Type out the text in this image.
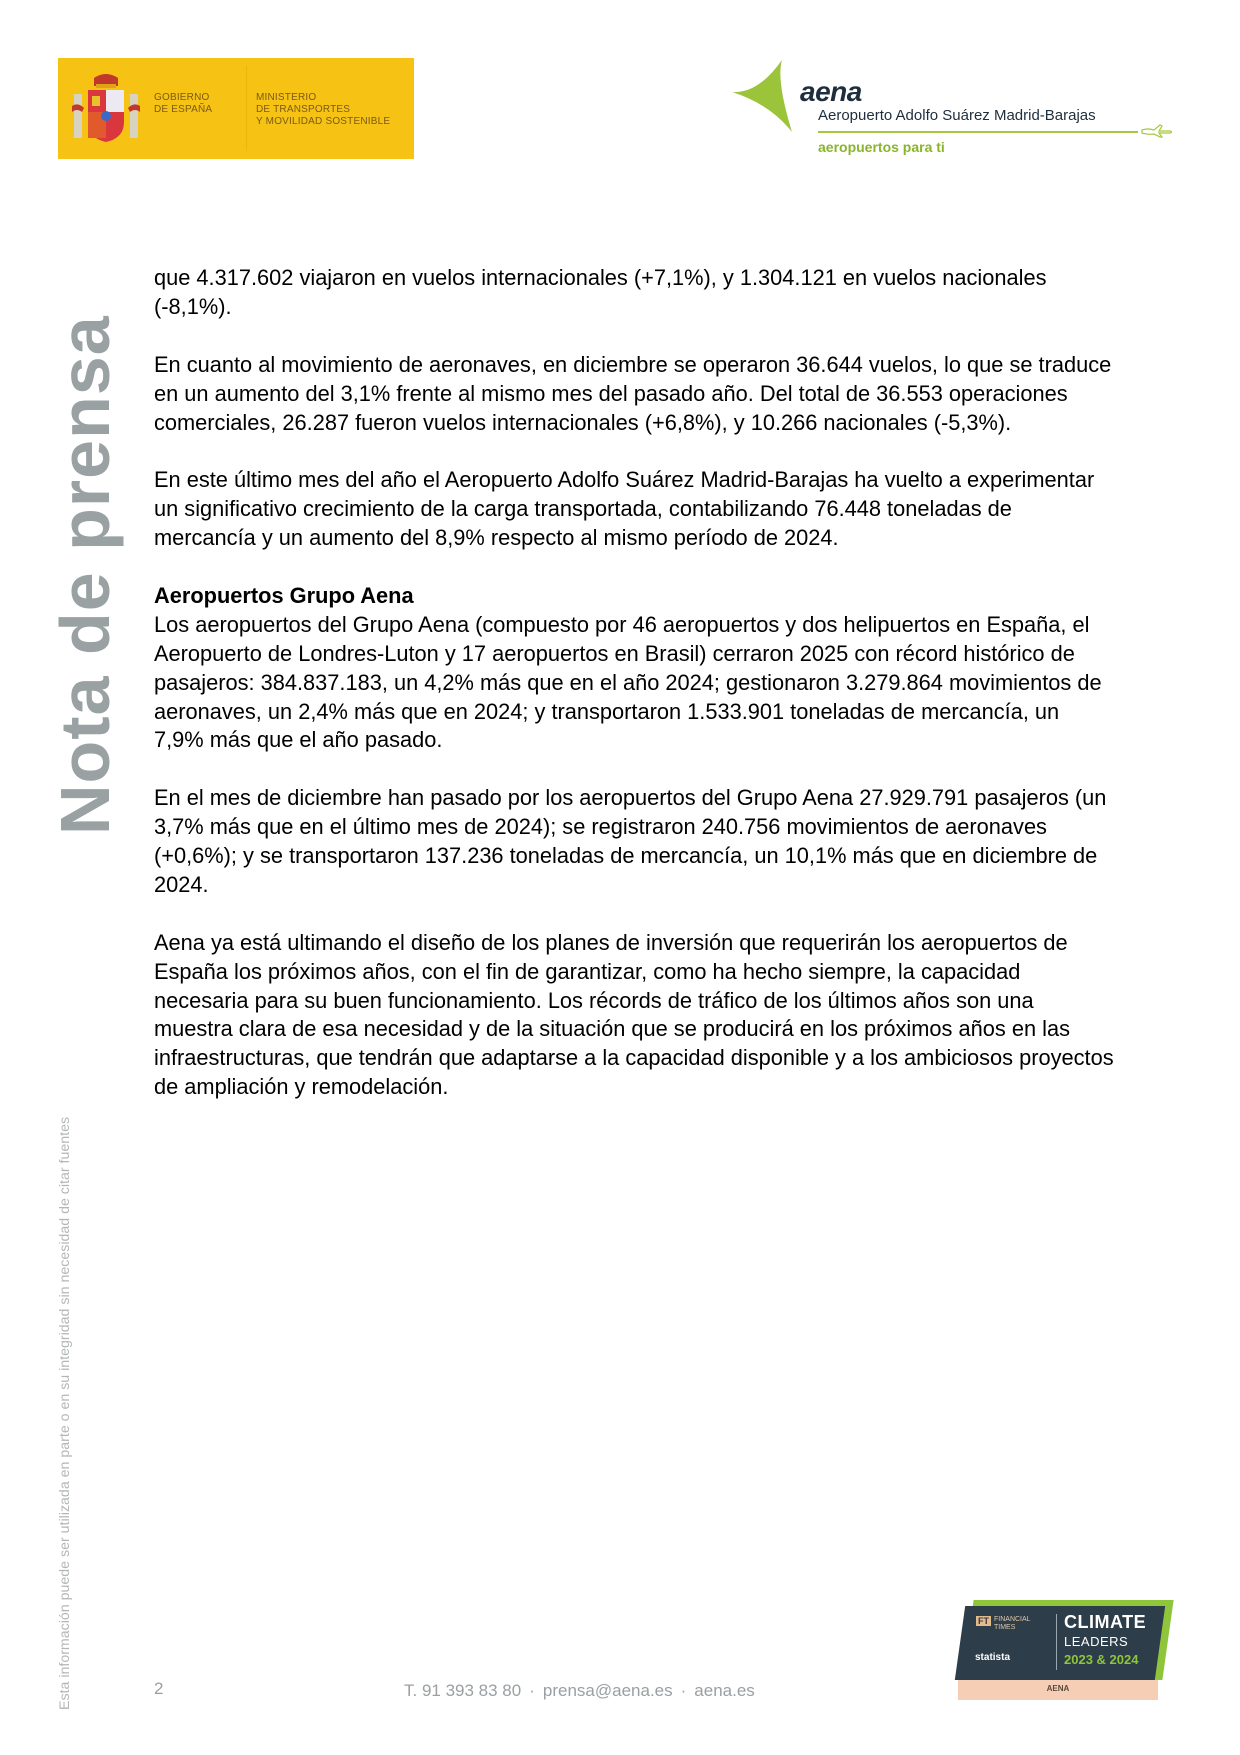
GOBIERNO
DE ESPAÑA
MINISTERIO
DE TRANSPORTES
Y MOVILIDAD SOSTENIBLE
aena
Aeropuerto Adolfo Suárez Madrid-Barajas
aeropuertos para ti
Nota de prensa
Esta información puede ser utilizada en parte o en su integridad sin necesidad de citar fuentes

que 4.317.602 viajaron en vuelos internacionales (+7,1%), y 1.304.121 en vuelos nacionales (-8,1%).

En cuanto al movimiento de aeronaves, en diciembre se operaron 36.644 vuelos, lo que se traduce en un aumento del 3,1% frente al mismo mes del pasado año. Del total de 36.553 operaciones comerciales, 26.287 fueron vuelos internacionales (+6,8%), y 10.266 nacionales (-5,3%).

En este último mes del año el Aeropuerto Adolfo Suárez Madrid-Barajas ha vuelto a experimentar un significativo crecimiento de la carga transportada, contabilizando 76.448 toneladas de mercancía y un aumento del 8,9% respecto al mismo período de 2024.

Aeropuertos Grupo Aena

Los aeropuertos del Grupo Aena (compuesto por 46 aeropuertos y dos helipuertos en España, el Aeropuerto de Londres-Luton y 17 aeropuertos en Brasil) cerraron 2025 con récord histórico de pasajeros: 384.837.183, un 4,2% más que en el año 2024; gestionaron 3.279.864 movimientos de aeronaves, un 2,4% más que en 2024; y transportaron 1.533.901 toneladas de mercancía, un 7,9% más que el año pasado.

En el mes de diciembre han pasado por los aeropuertos del Grupo Aena 27.929.791 pasajeros (un 3,7% más que en el último mes de 2024); se registraron 240.756 movimientos de aeronaves (+0,6%); y se transportaron 137.236 toneladas de mercancía, un 10,1% más que en diciembre de 2024.

Aena ya está ultimando el diseño de los planes de inversión que requerirán los aeropuertos de España los próximos años, con el fin de garantizar, como ha hecho siempre, la capacidad necesaria para su buen funcionamiento. Los récords de tráfico de los últimos años son una muestra clara de esa necesidad y de la situación que se producirá en los próximos años en las infraestructuras, que tendrán que adaptarse a la capacidad disponible y a los ambiciosos proyectos de ampliación y remodelación.

2	T. 91 393 83 80 · prensa@aena.es · aena.es
FT FINANCIAL
TIMES
statista
CLIMATE
LEADERS
2023 & 2024
AENA
